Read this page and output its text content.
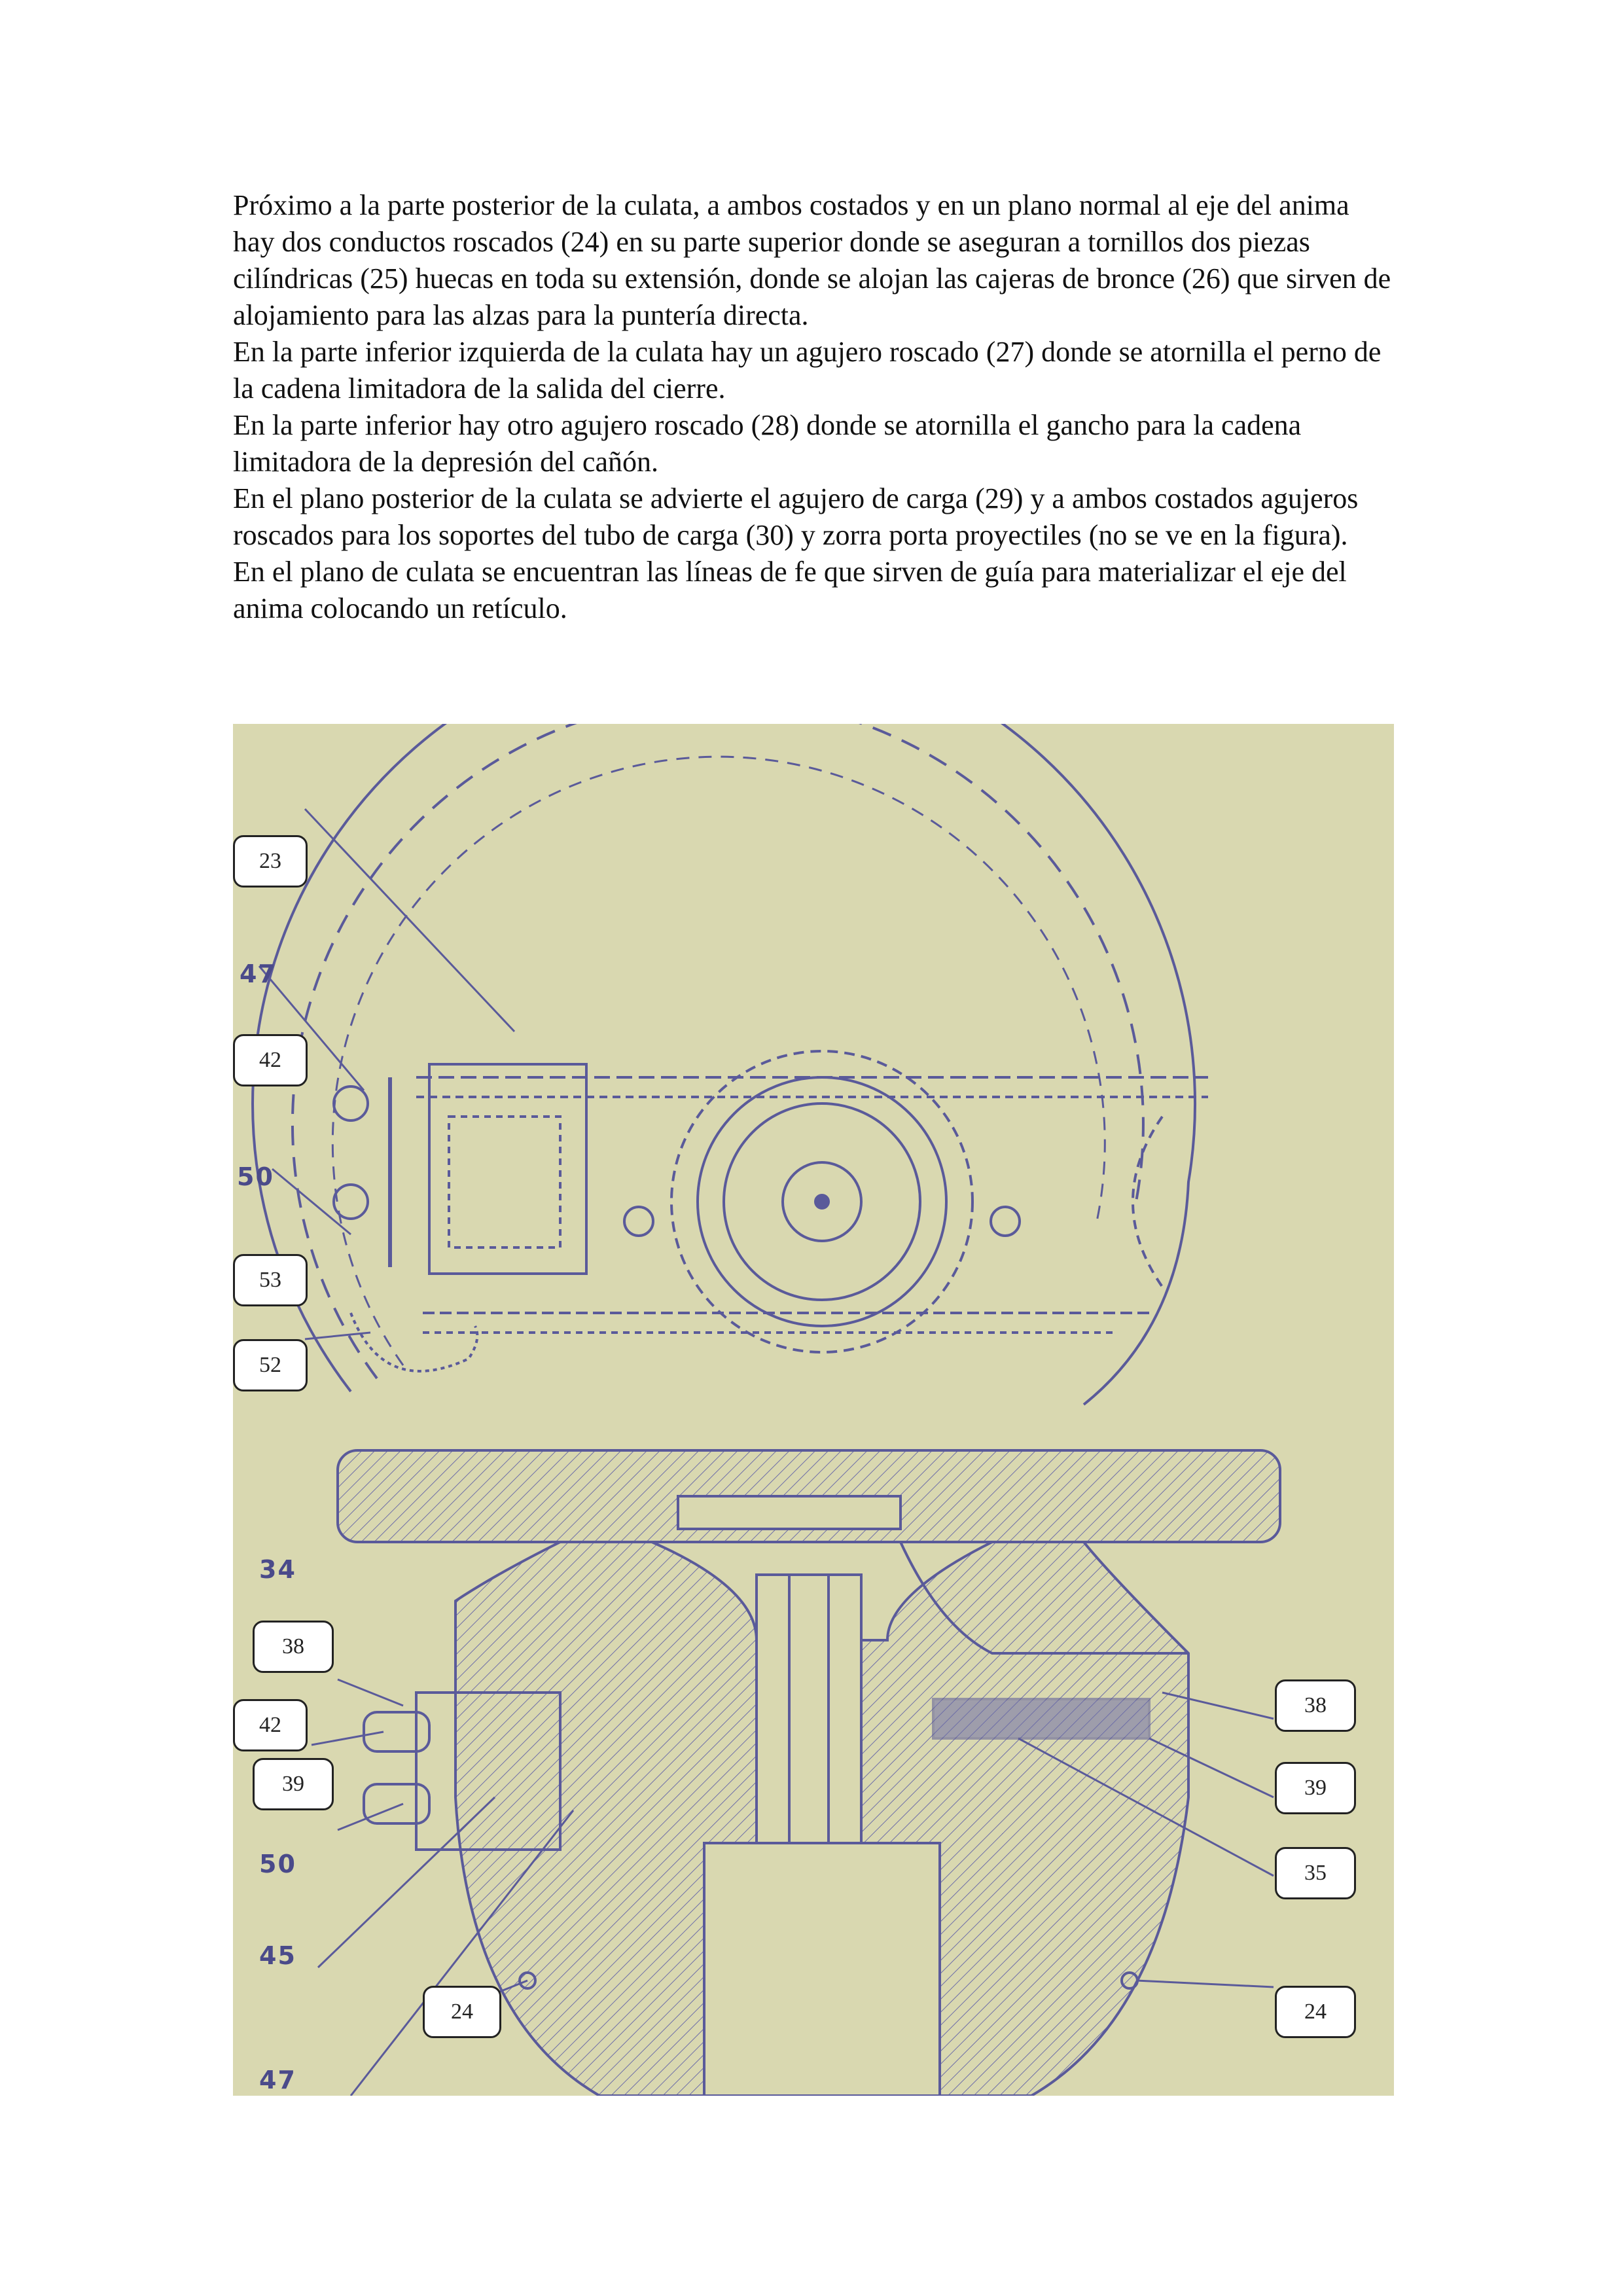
Próximo a la parte posterior de la culata, a ambos costados y en un plano normal al eje del anima hay dos conductos roscados (24) en su parte superior donde se aseguran a tornillos dos piezas cilíndricas (25) huecas en toda su extensión, donde se alojan las cajeras de bronce (26) que sirven de alojamiento para las alzas para la puntería directa.

En la parte inferior izquierda de la culata hay un agujero roscado (27) donde se atornilla el perno de la cadena limitadora de la salida del cierre.

En la parte inferior hay otro agujero roscado (28) donde se atornilla el gancho para la cadena limitadora de la depresión del cañón.

En el plano posterior de la culata se advierte el agujero de carga (29) y a ambos costados agujeros roscados para los soportes del tubo de carga (30) y zorra porta proyectiles (no se ve en la figura).

En el plano de culata se encuentran las líneas de fe que sirven de guía para materializar el eje del anima colocando un retículo.

47
50
34
50
45
47
23
42
53
52
38
42
39
24
38
39
35
24
